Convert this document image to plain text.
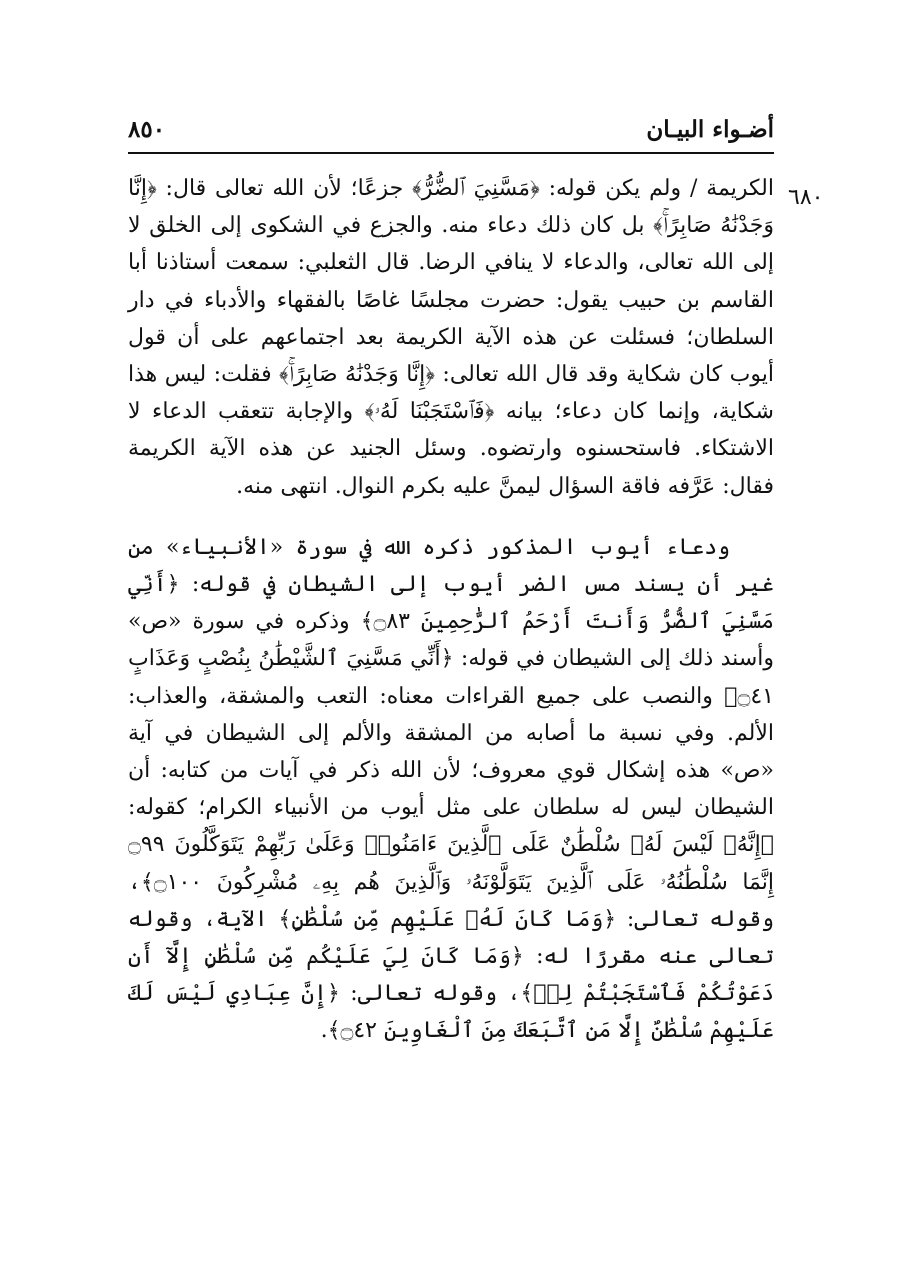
أضـواء البيـان
٨٥٠
٦٨٠

الكريمة / ولم يكن قوله: ﴿مَسَّنِيَ ٱلضُّرُّ﴾ جزعًا؛ لأن الله تعالى قال: ﴿إِنَّا وَجَدْنَٰهُ صَابِرًاۚ﴾ بل كان ذلك دعاء منه. والجزع في الشكوى إلى الخلق لا إلى الله تعالى، والدعاء لا ينافي الرضا. قال الثعلبي: سمعت أستاذنا أبا القاسم بن حبيب يقول: حضرت مجلسًا غاصًا بالفقهاء والأدباء في دار السلطان؛ فسئلت عن هذه الآية الكريمة بعد اجتماعهم على أن قول أيوب كان شكاية وقد قال الله تعالى: ﴿إِنَّا وَجَدْنَٰهُ صَابِرًاۚ﴾ فقلت: ليس هذا شكاية، وإنما كان دعاء؛ بيانه ﴿فَٱسْتَجَبْنَا لَهُۥ﴾ والإجابة تتعقب الدعاء لا الاشتكاء. فاستحسنوه وارتضوه. وسئل الجنيد عن هذه الآية الكريمة فقال: عَرَّفه فاقة السؤال ليمنَّ عليه بكرم النوال. انتهى منه.

ودعاء أيوب المذكور ذكره الله في سورة «الأنبياء» من غير أن يسند مس الضر أيوب إلى الشيطان في قوله: ﴿أَنِّي مَسَّنِيَ ٱلضُّرُّ وَأَنتَ أَرْحَمُ ٱلرَّٰحِمِينَ ۝٨٣﴾ وذكره في سورة «ص» وأسند ذلك إلى الشيطان في قوله: ﴿أَنِّي مَسَّنِيَ ٱلشَّيْطَٰنُ بِنُصْبٍ وَعَذَابٍ ۝٤١﴾ والنصب على جميع القراءات معناه: التعب والمشقة، والعذاب: الألم. وفي نسبة ما أصابه من المشقة والألم إلى الشيطان في آية «ص» هذه إشكال قوي معروف؛ لأن الله ذكر في آيات من كتابه: أن الشيطان ليس له سلطان على مثل أيوب من الأنبياء الكرام؛ كقوله: ﴿إِنَّهُۥ لَيْسَ لَهُۥ سُلْطَٰنٌ عَلَى ٱلَّذِينَ ءَامَنُوا۟ وَعَلَىٰ رَبِّهِمْ يَتَوَكَّلُونَ ۝٩٩ إِنَّمَا سُلْطَٰنُهُۥ عَلَى ٱلَّذِينَ يَتَوَلَّوْنَهُۥ وَٱلَّذِينَ هُم بِهِۦ مُشْرِكُونَ ۝١٠٠﴾، وقوله تعالى: ﴿وَمَا كَانَ لَهُۥ عَلَيْهِم مِّن سُلْطَٰنٍ﴾ الآية، وقوله تعالى عنه مقررًا له: ﴿وَمَا كَانَ لِيَ عَلَيْكُم مِّن سُلْطَٰنٍ إِلَّآ أَن دَعَوْتُكُمْ فَٱسْتَجَبْتُمْ لِيۖ﴾، وقوله تعالى: ﴿إِنَّ عِبَادِي لَيْسَ لَكَ عَلَيْهِمْ سُلْطَٰنٌ إِلَّا مَنِ ٱتَّبَعَكَ مِنَ ٱلْغَاوِينَ ۝٤٢﴾.
